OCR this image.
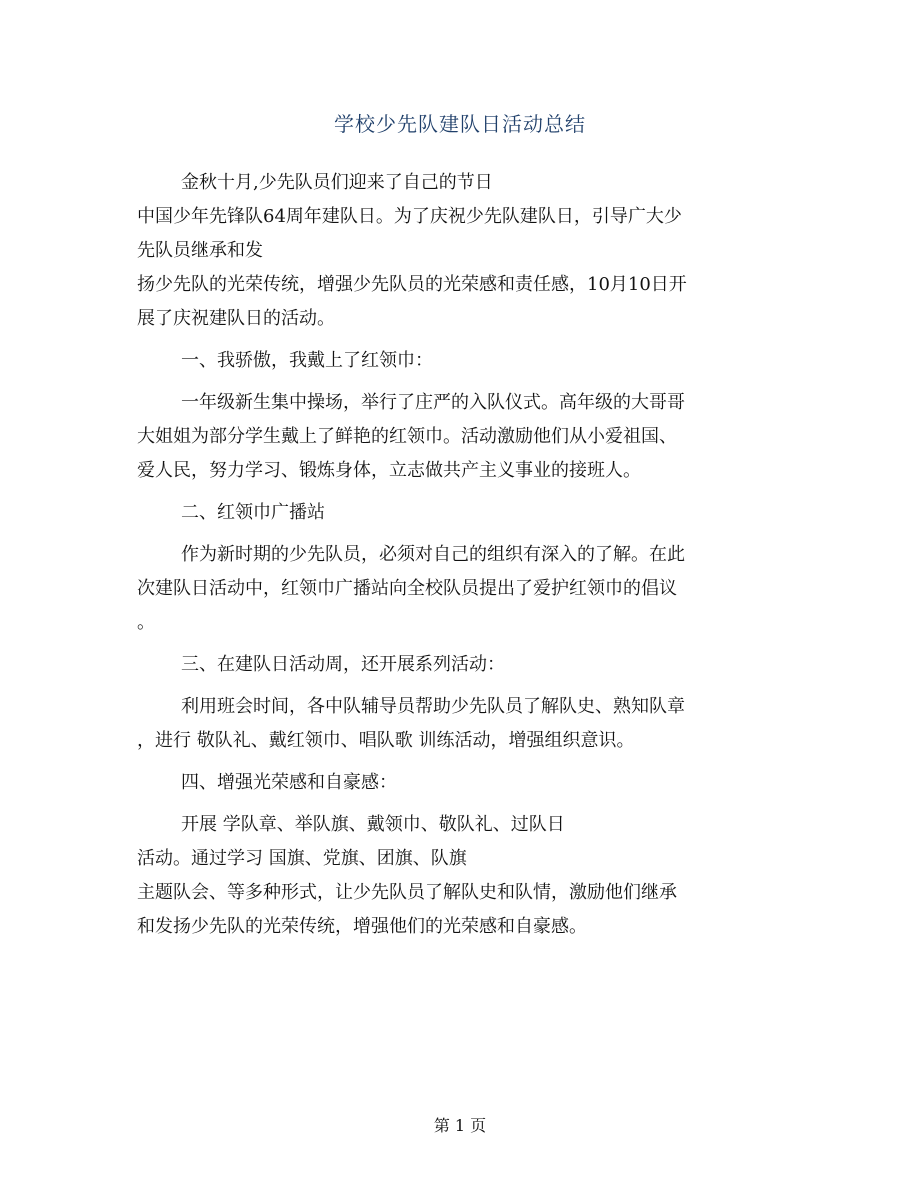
学校少先队建队日活动总结
金秋十月,少先队员们迎来了自己的节日
中国少年先锋队64周年建队日。为了庆祝少先队建队日，引导广大少
先队员继承和发
扬少先队的光荣传统，增强少先队员的光荣感和责任感，10月10日开
展了庆祝建队日的活动。
一、我骄傲，我戴上了红领巾：
一年级新生集中操场，举行了庄严的入队仪式。高年级的大哥哥
大姐姐为部分学生戴上了鲜艳的红领巾。活动激励他们从小爱祖国、
爱人民，努力学习、锻炼身体，立志做共产主义事业的接班人。
二、红领巾广播站
作为新时期的少先队员，必须对自己的组织有深入的了解。在此
次建队日活动中，红领巾广播站向全校队员提出了爱护红领巾的倡议
。
三、在建队日活动周，还开展系列活动：
利用班会时间，各中队辅导员帮助少先队员了解队史、熟知队章
，进行 敬队礼、戴红领巾、唱队歌 训练活动，增强组织意识。
四、增强光荣感和自豪感：
开展 学队章、举队旗、戴领巾、敬队礼、过队日
活动。通过学习 国旗、党旗、团旗、队旗
主题队会、等多种形式，让少先队员了解队史和队情，激励他们继承
和发扬少先队的光荣传统，增强他们的光荣感和自豪感。
第 1 页
